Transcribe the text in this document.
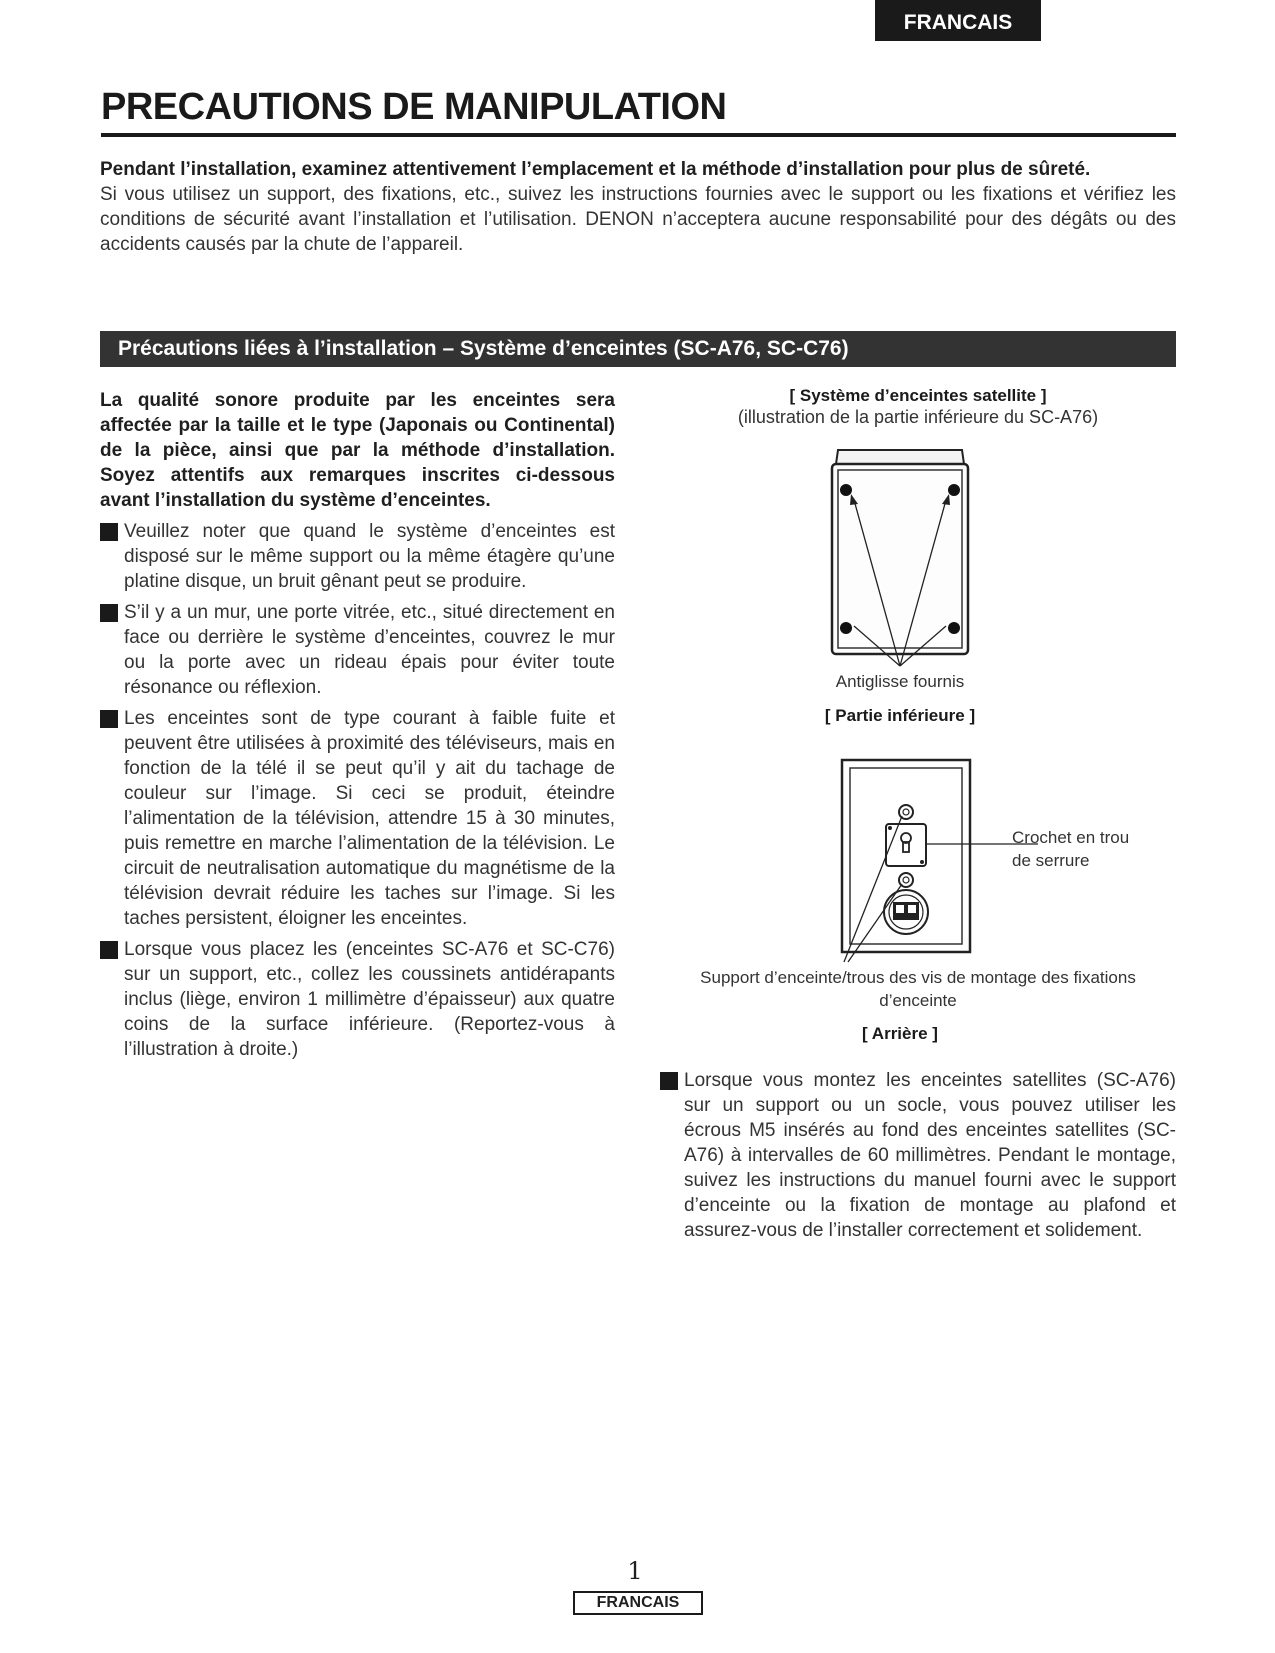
FRANCAIS
PRECAUTIONS DE MANIPULATION
Pendant l’installation, examinez attentivement l’emplacement et la méthode d’installation pour plus de sûreté.
Si vous utilisez un support, des fixations, etc., suivez les instructions fournies avec le support ou les fixations et vérifiez les conditions de sécurité avant l’installation et l’utilisation. DENON n’acceptera aucune responsabilité pour des dégâts ou des accidents causés par la chute de l’appareil.
Précautions liées à l’installation – Système d’enceintes (SC-A76, SC-C76)
La qualité sonore produite par les enceintes sera affectée par la taille et le type (Japonais ou Continental) de la pièce, ainsi que par la méthode d’installation. Soyez attentifs aux remarques inscrites ci-dessous avant l’installation du système d’enceintes.
Veuillez noter que quand le système d’enceintes est disposé sur le même support ou la même étagère qu’une platine disque, un bruit gênant peut se produire.
S’il y a un mur, une porte vitrée, etc., situé directement en face ou derrière le système d’enceintes, couvrez le mur ou la porte avec un rideau épais pour éviter toute résonance ou réflexion.
Les enceintes sont de type courant à faible fuite et peuvent être utilisées à proximité des téléviseurs, mais en fonction de la télé il se peut qu’il y ait du tachage de couleur sur l’image. Si ceci se produit, éteindre l’alimentation de la télévision, attendre 15 à 30 minutes, puis remettre en marche l’alimentation de la télévision. Le circuit de neutralisation automatique du magnétisme de la télévision devrait réduire les taches sur l’image. Si les taches persistent, éloigner les enceintes.
Lorsque vous placez les (enceintes SC-A76 et SC-C76) sur un support, etc., collez les coussinets antidérapants inclus (liège, environ 1 millimètre d’épaisseur) aux quatre coins de la surface inférieure. (Reportez-vous à l’illustration à droite.)
[ Système d’enceintes satellite ]
(illustration de la partie inférieure du SC-A76)
Antiglisse fournis
[ Partie inférieure ]
Crochet en trou
de serrure
Support d’enceinte/trous des vis de montage des fixations
d’enceinte
[ Arrière ]
Lorsque vous montez les enceintes satellites (SC-A76) sur un support ou un socle, vous pouvez utiliser les écrous M5 insérés au fond des enceintes satellites (SC-A76) à intervalles de 60 millimètres. Pendant le montage, suivez les instructions du manuel fourni avec le support d’enceinte ou la fixation de montage au plafond et assurez-vous de l’installer correctement et solidement.
1
FRANCAIS
